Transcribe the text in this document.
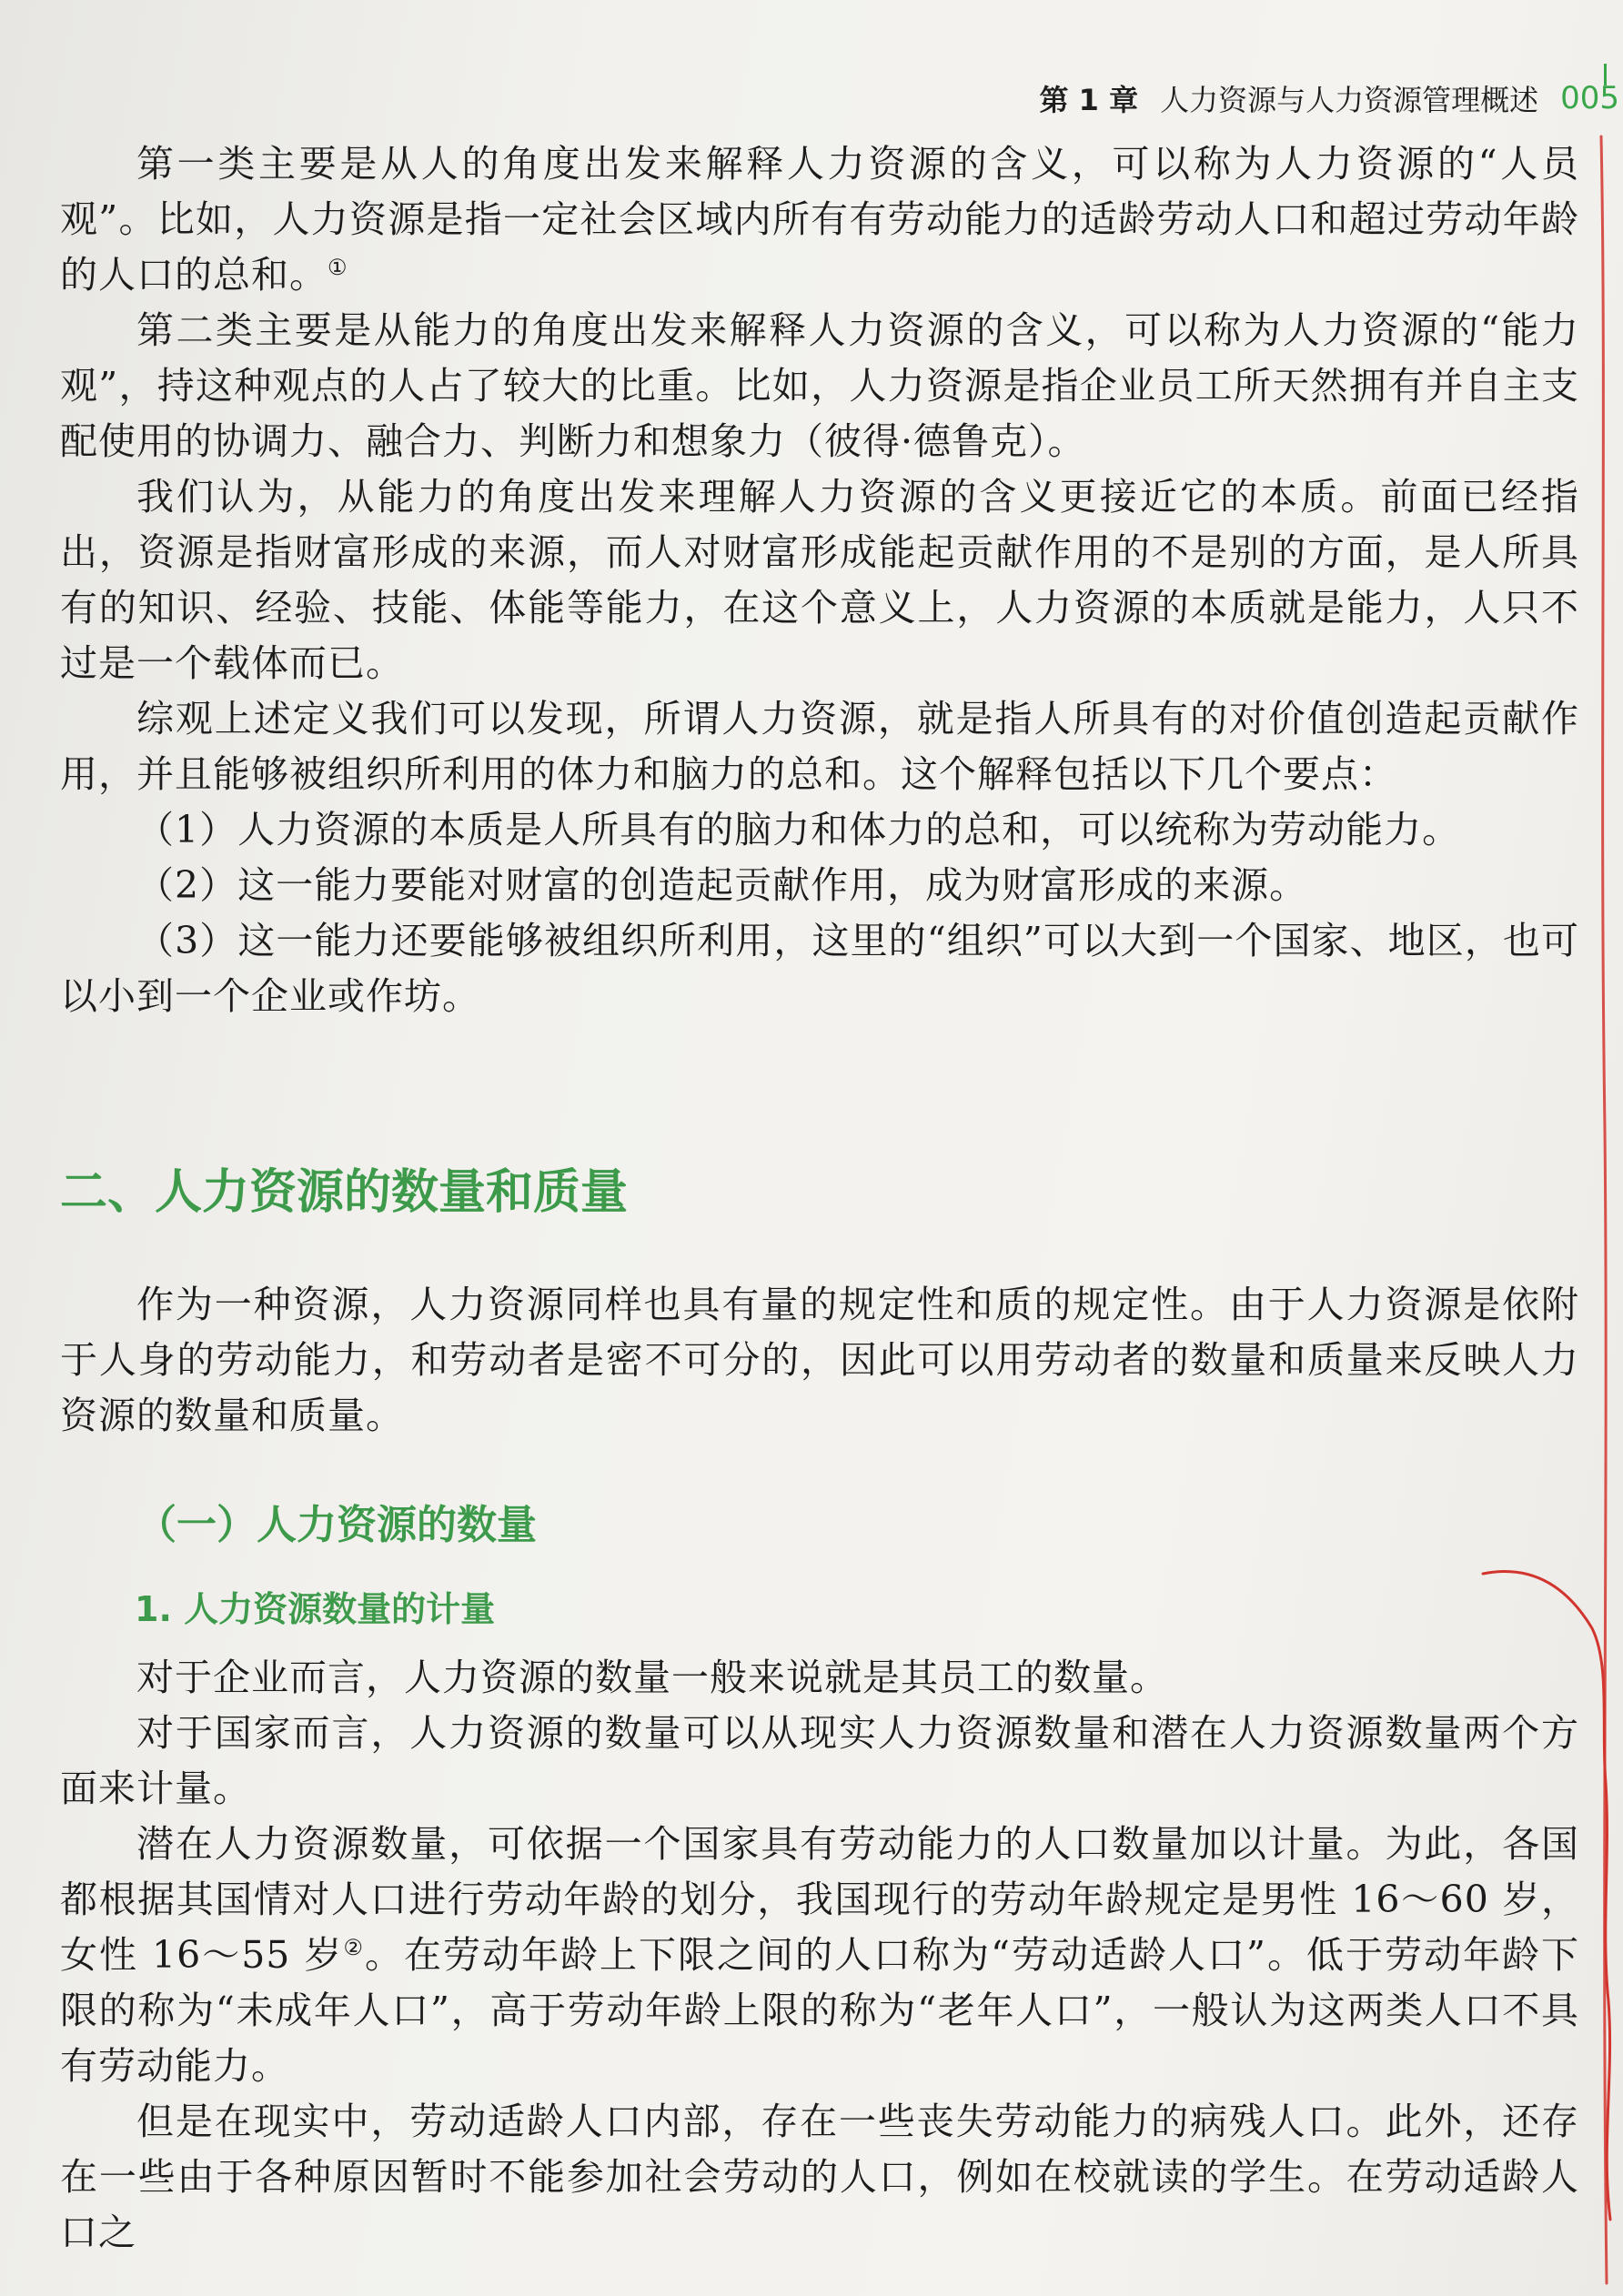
第 1 章 人力资源与人力资源管理概述 005

第一类主要是从人的角度出发来解释人力资源的含义，可以称为人力资源的“人员观”。比如，人力资源是指一定社会区域内所有有劳动能力的适龄劳动人口和超过劳动年龄的人口的总和。①

第二类主要是从能力的角度出发来解释人力资源的含义，可以称为人力资源的“能力观”，持这种观点的人占了较大的比重。比如，人力资源是指企业员工所天然拥有并自主支配使用的协调力、融合力、判断力和想象力（彼得·德鲁克）。

我们认为，从能力的角度出发来理解人力资源的含义更接近它的本质。前面已经指出，资源是指财富形成的来源，而人对财富形成能起贡献作用的不是别的方面，是人所具有的知识、经验、技能、体能等能力，在这个意义上，人力资源的本质就是能力，人只不过是一个载体而已。

综观上述定义我们可以发现，所谓人力资源，就是指人所具有的对价值创造起贡献作用，并且能够被组织所利用的体力和脑力的总和。这个解释包括以下几个要点：

（1）人力资源的本质是人所具有的脑力和体力的总和，可以统称为劳动能力。

（2）这一能力要能对财富的创造起贡献作用，成为财富形成的来源。

（3）这一能力还要能够被组织所利用，这里的“组织”可以大到一个国家、地区，也可以小到一个企业或作坊。

二、人力资源的数量和质量

作为一种资源，人力资源同样也具有量的规定性和质的规定性。由于人力资源是依附于人身的劳动能力，和劳动者是密不可分的，因此可以用劳动者的数量和质量来反映人力资源的数量和质量。

（一）人力资源的数量
1. 人力资源数量的计量

对于企业而言，人力资源的数量一般来说就是其员工的数量。

对于国家而言，人力资源的数量可以从现实人力资源数量和潜在人力资源数量两个方面来计量。

潜在人力资源数量，可依据一个国家具有劳动能力的人口数量加以计量。为此，各国都根据其国情对人口进行劳动年龄的划分，我国现行的劳动年龄规定是男性 16～60 岁，女性 16～55 岁②。在劳动年龄上下限之间的人口称为“劳动适龄人口”。低于劳动年龄下限的称为“未成年人口”，高于劳动年龄上限的称为“老年人口”，一般认为这两类人口不具有劳动能力。

但是在现实中，劳动适龄人口内部，存在一些丧失劳动能力的病残人口。此外，还存在一些由于各种原因暂时不能参加社会劳动的人口，例如在校就读的学生。在劳动适龄人口之
